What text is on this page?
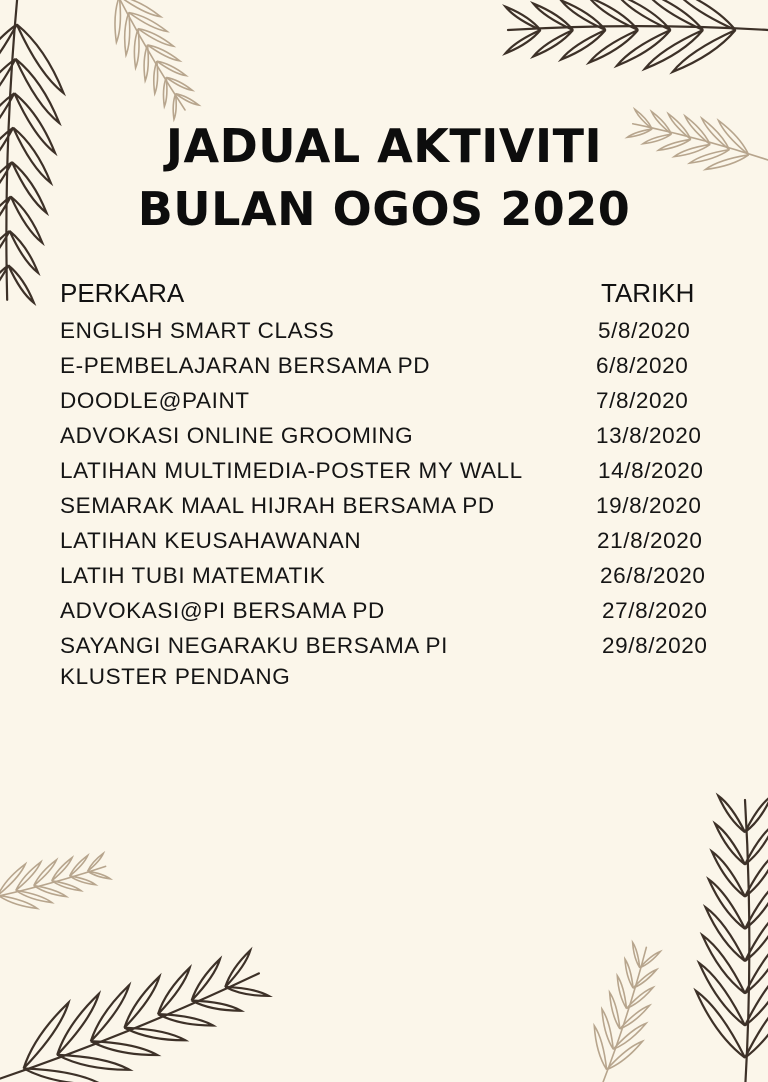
JADUAL AKTIVITI
BULAN OGOS 2020
PERKARA	TARIKH
ENGLISH SMART CLASS	5/8/2020
E-PEMBELAJARAN BERSAMA PD	6/8/2020
DOODLE@PAINT	7/8/2020
ADVOKASI ONLINE GROOMING	13/8/2020
LATIHAN MULTIMEDIA-POSTER MY WALL	14/8/2020
SEMARAK MAAL HIJRAH BERSAMA PD	19/8/2020
LATIHAN KEUSAHAWANAN	21/8/2020
LATIH TUBI MATEMATIK	26/8/2020
ADVOKASI@PI BERSAMA PD	27/8/2020
SAYANGI NEGARAKU BERSAMA PI	29/8/2020
KLUSTER PENDANG
